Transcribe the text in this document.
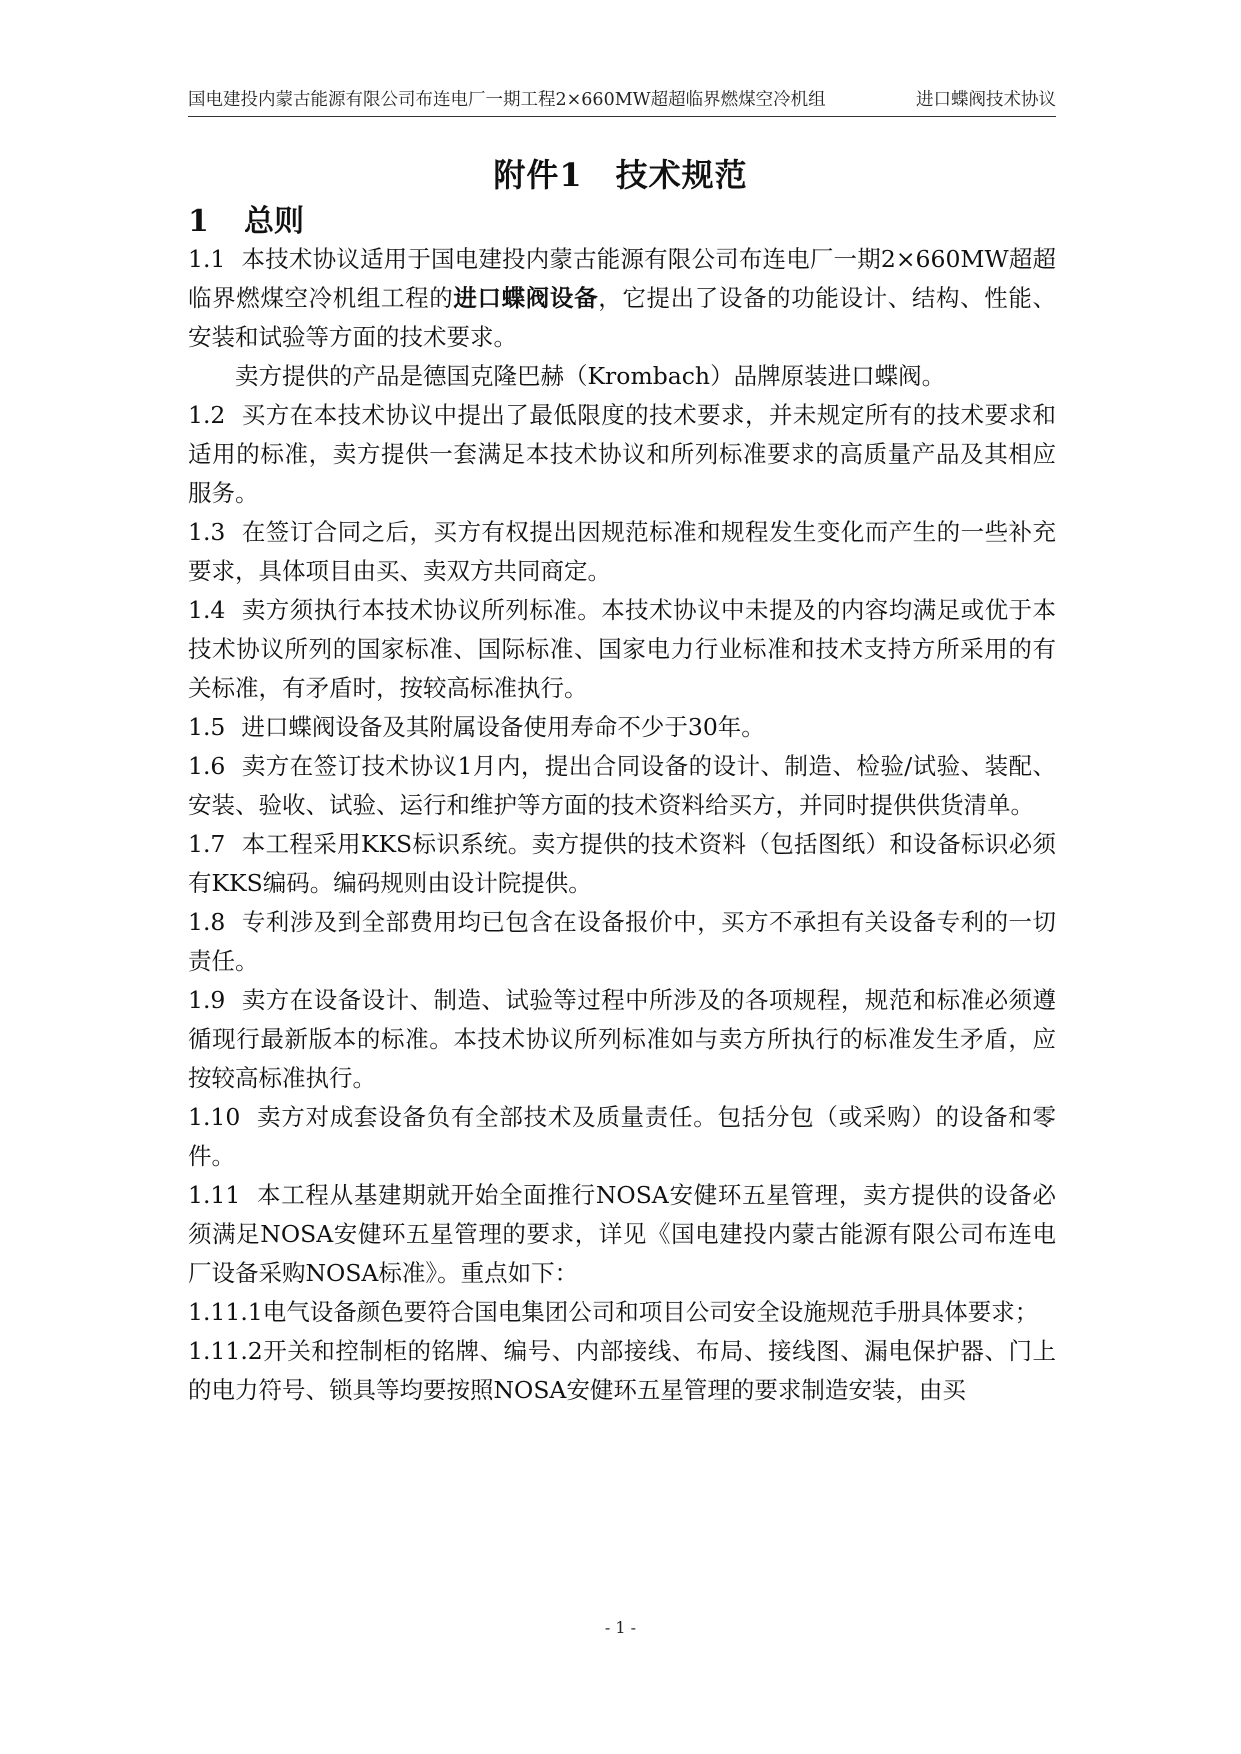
国电建投内蒙古能源有限公司布连电厂一期工程2×660MW超超临界燃煤空冷机组	进口蝶阀技术协议
附件1　技术规范
1 总则

1.1 本技术协议适用于国电建投内蒙古能源有限公司布连电厂一期2×660MW超超临界燃煤空冷机组工程的进口蝶阀设备，它提出了设备的功能设计、结构、性能、安装和试验等方面的技术要求。

卖方提供的产品是德国克隆巴赫（Krombach）品牌原装进口蝶阀。

1.2 买方在本技术协议中提出了最低限度的技术要求，并未规定所有的技术要求和适用的标准，卖方提供一套满足本技术协议和所列标准要求的高质量产品及其相应服务。

1.3 在签订合同之后，买方有权提出因规范标准和规程发生变化而产生的一些补充要求，具体项目由买、卖双方共同商定。

1.4 卖方须执行本技术协议所列标准。本技术协议中未提及的内容均满足或优于本技术协议所列的国家标准、国际标准、国家电力行业标准和技术支持方所采用的有关标准，有矛盾时，按较高标准执行。

1.5 进口蝶阀设备及其附属设备使用寿命不少于30年。

1.6 卖方在签订技术协议1月内，提出合同设备的设计、制造、检验/试验、装配、安装、验收、试验、运行和维护等方面的技术资料给买方，并同时提供供货清单。

1.7 本工程采用KKS标识系统。卖方提供的技术资料（包括图纸）和设备标识必须有KKS编码。编码规则由设计院提供。

1.8 专利涉及到全部费用均已包含在设备报价中，买方不承担有关设备专利的一切责任。

1.9 卖方在设备设计、制造、试验等过程中所涉及的各项规程，规范和标准必须遵循现行最新版本的标准。本技术协议所列标准如与卖方所执行的标准发生矛盾，应按较高标准执行。

1.10 卖方对成套设备负有全部技术及质量责任。包括分包（或采购）的设备和零件。

1.11 本工程从基建期就开始全面推行NOSA安健环五星管理，卖方提供的设备必须满足NOSA安健环五星管理的要求，详见《国电建投内蒙古能源有限公司布连电厂设备采购NOSA标准》。重点如下：

1.11.1电气设备颜色要符合国电集团公司和项目公司安全设施规范手册具体要求；

1.11.2开关和控制柜的铭牌、编号、内部接线、布局、接线图、漏电保护器、门上的电力符号、锁具等均要按照NOSA安健环五星管理的要求制造安装，由买

- 1 -
